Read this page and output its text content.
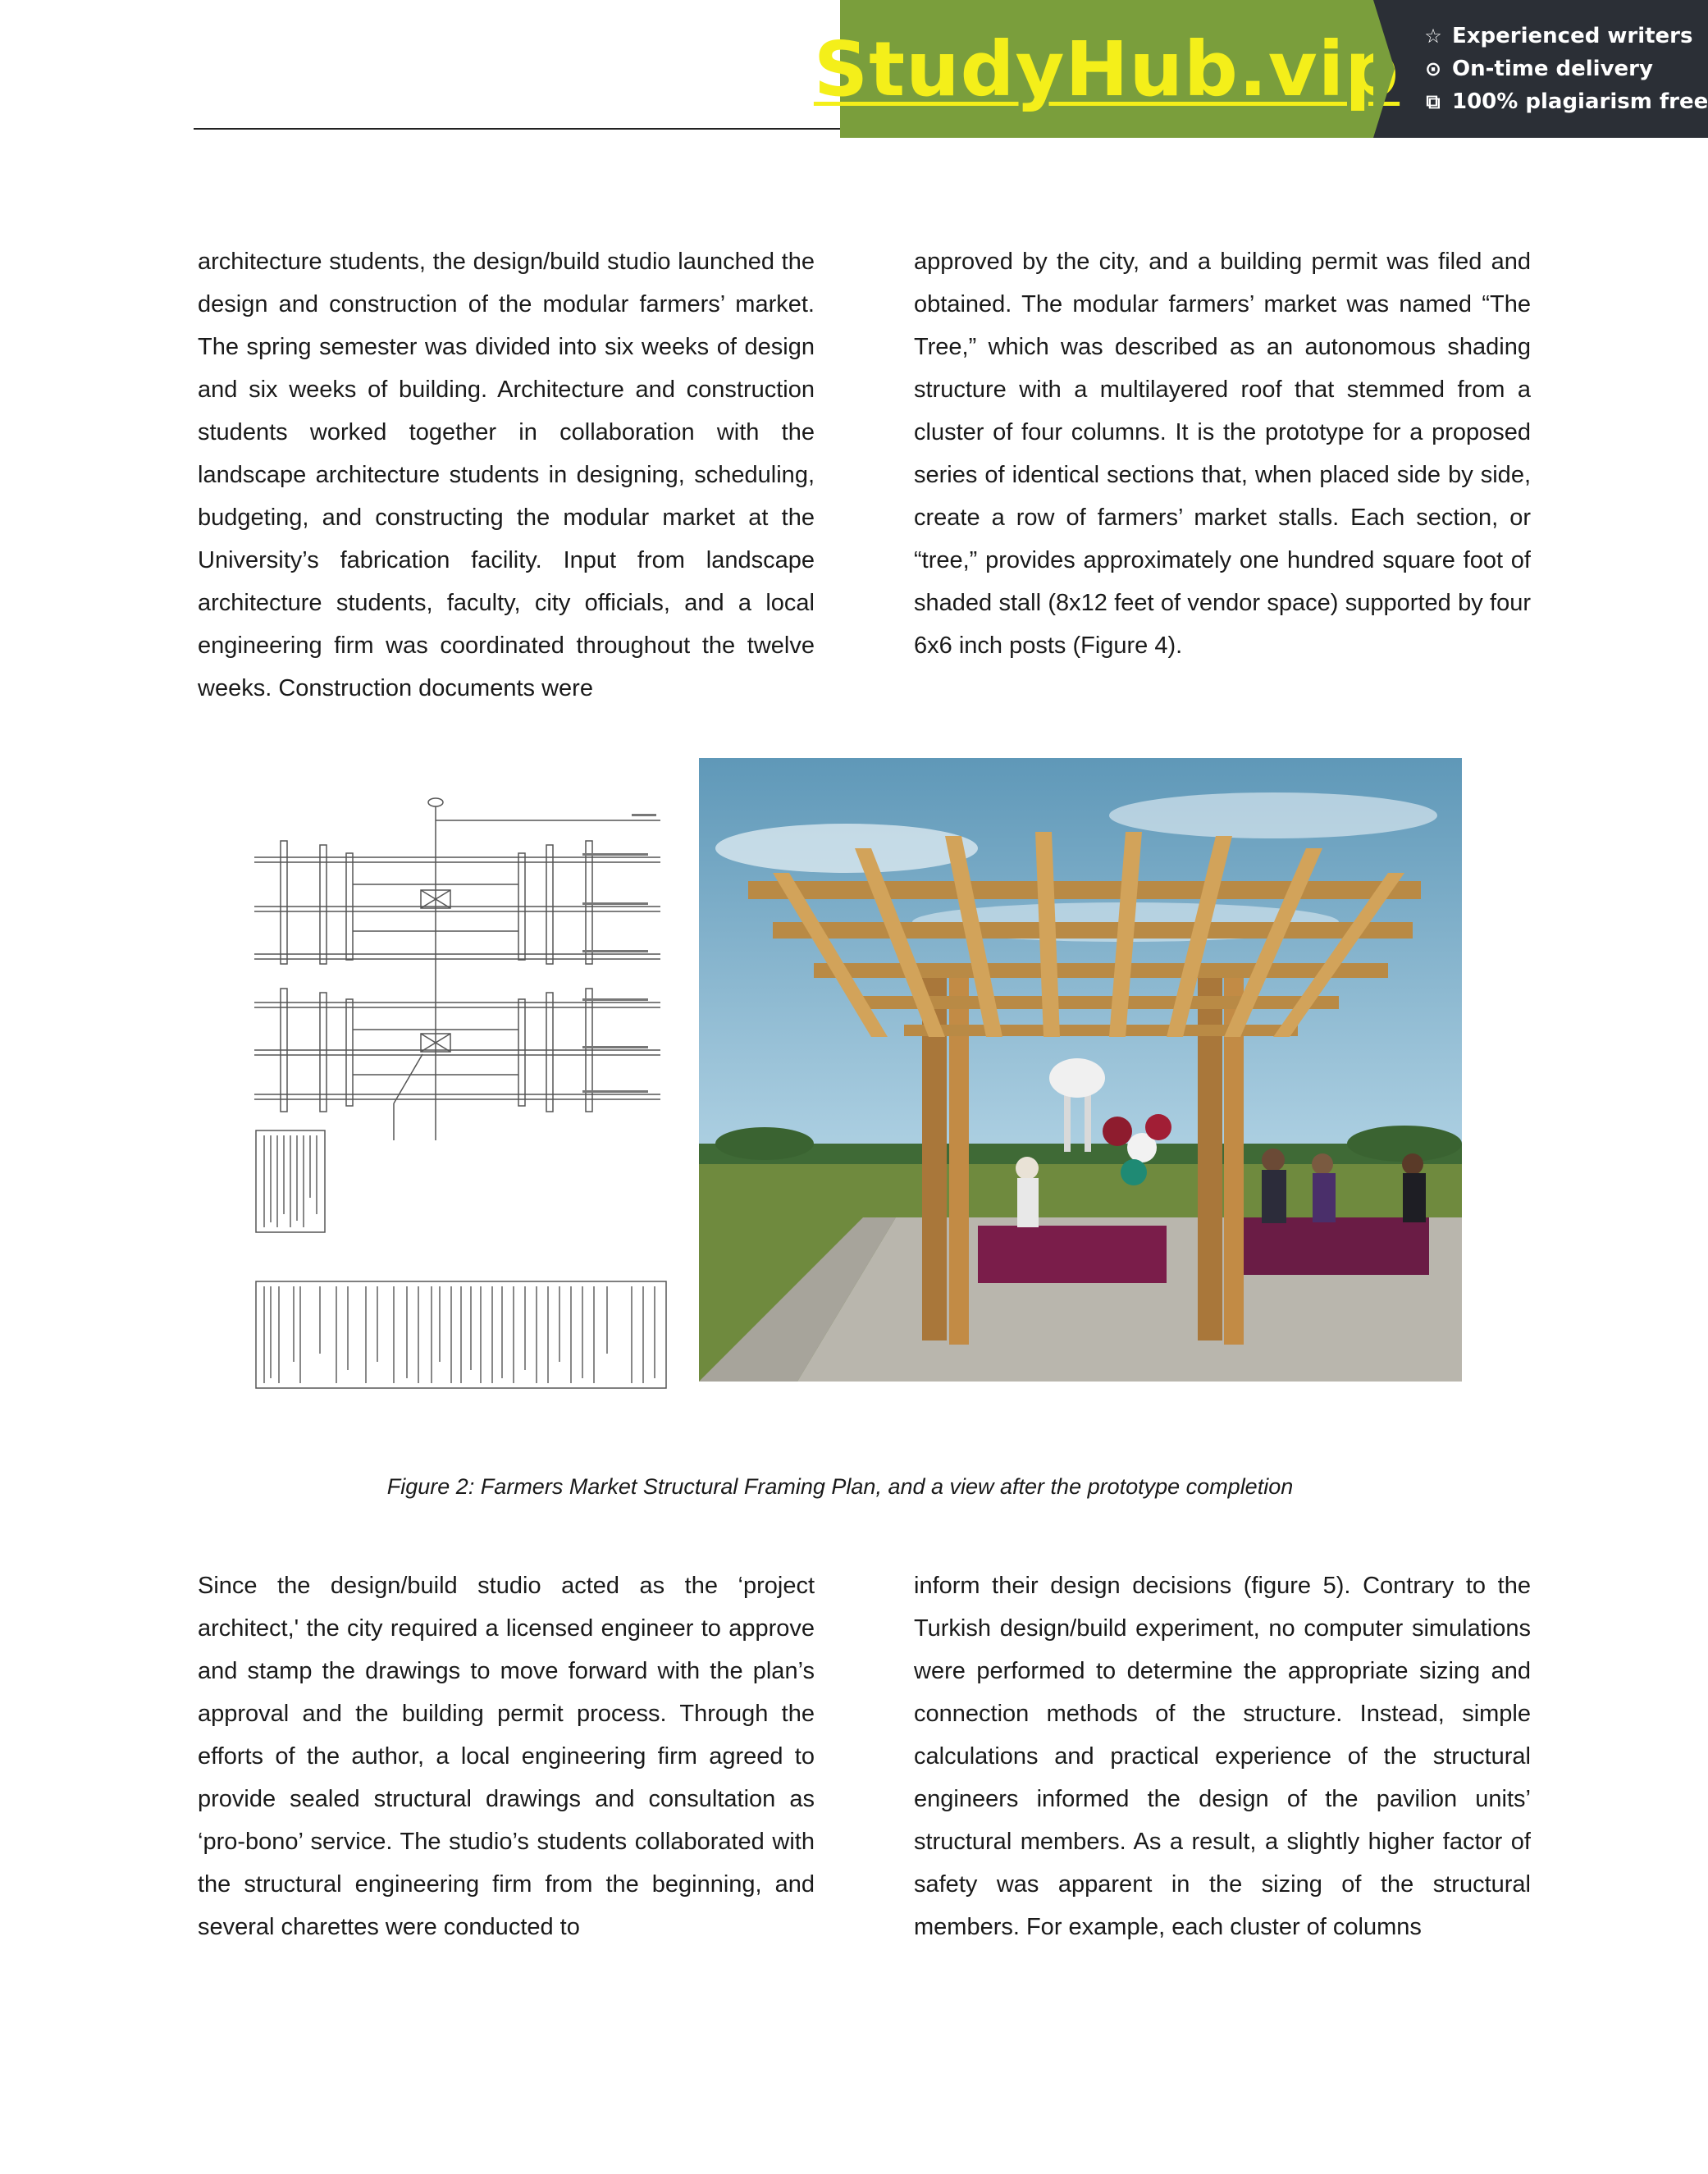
StudyHub.vip ☆ Experienced writers
⊙ On-time delivery
⧉ 100% plagiarism free

architecture students, the design/build studio launched the design and construction of the modular farmers’ market. The spring semester was divided into six weeks of design and six weeks of building. Architecture and construction students worked together in collaboration with the landscape architecture students in designing, scheduling, budgeting, and constructing the modular market at the University’s fabrication facility. Input from landscape architecture students, faculty, city officials, and a local engineering firm was coordinated throughout the twelve weeks. Construction documents were

approved by the city, and a building permit was filed and obtained. The modular farmers’ market was named “The Tree,” which was described as an autonomous shading structure with a multilayered roof that stemmed from a cluster of four columns. It is the prototype for a proposed series of identical sections that, when placed side by side, create a row of farmers’ market stalls. Each section, or “tree,” provides approximately one hundred square foot of shaded stall (8x12 feet of vendor space) supported by four 6x6 inch posts (Figure 4).

Figure 2: Farmers Market Structural Framing Plan, and a view after the prototype completion

Since the design/build studio acted as the ‘project architect,' the city required a licensed engineer to approve and stamp the drawings to move forward with the plan’s approval and the building permit process. Through the efforts of the author, a local engineering firm agreed to provide sealed structural drawings and consultation as ‘pro-bono’ service. The studio’s students collaborated with the structural engineering firm from the beginning, and several charettes were conducted to

inform their design decisions (figure 5). Contrary to the Turkish design/build experiment, no computer simulations were performed to determine the appropriate sizing and connection methods of the structure. Instead, simple calculations and practical experience of the structural engineers informed the design of the pavilion units’ structural members. As a result, a slightly higher factor of safety was apparent in the sizing of the structural members. For example, each cluster of columns
